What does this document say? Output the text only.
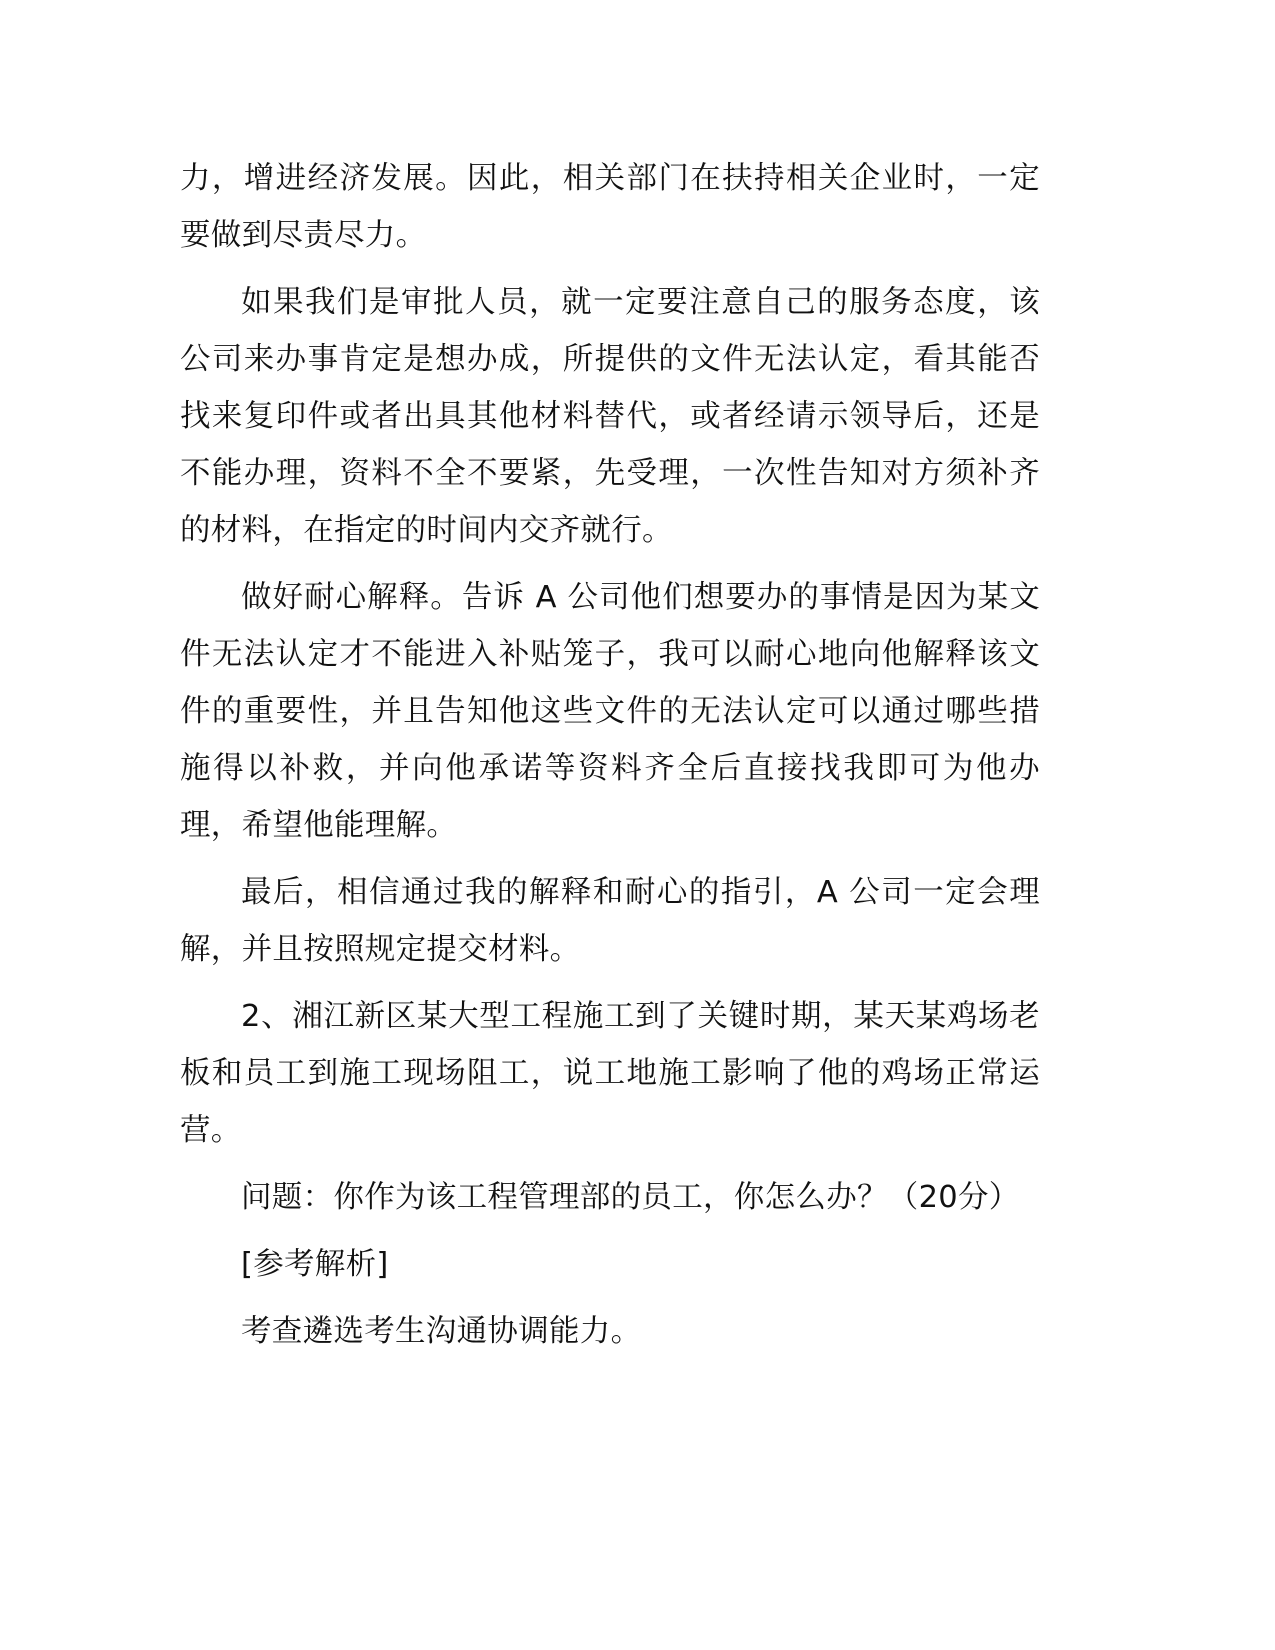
力，增进经济发展。因此，相关部门在扶持相关企业时，一定要做到尽责尽力。

如果我们是审批人员，就一定要注意自己的服务态度，该公司来办事肯定是想办成，所提供的文件无法认定，看其能否找来复印件或者出具其他材料替代，或者经请示领导后，还是不能办理，资料不全不要紧，先受理，一次性告知对方须补齐的材料，在指定的时间内交齐就行。

做好耐心解释。告诉 A 公司他们想要办的事情是因为某文件无法认定才不能进入补贴笼子，我可以耐心地向他解释该文件的重要性，并且告知他这些文件的无法认定可以通过哪些措施得以补救，并向他承诺等资料齐全后直接找我即可为他办理，希望他能理解。

最后，相信通过我的解释和耐心的指引，A 公司一定会理解，并且按照规定提交材料。

2、湘江新区某大型工程施工到了关键时期，某天某鸡场老板和员工到施工现场阻工，说工地施工影响了他的鸡场正常运营。

问题：你作为该工程管理部的员工，你怎么办？（20分）

[参考解析]

考查遴选考生沟通协调能力。
